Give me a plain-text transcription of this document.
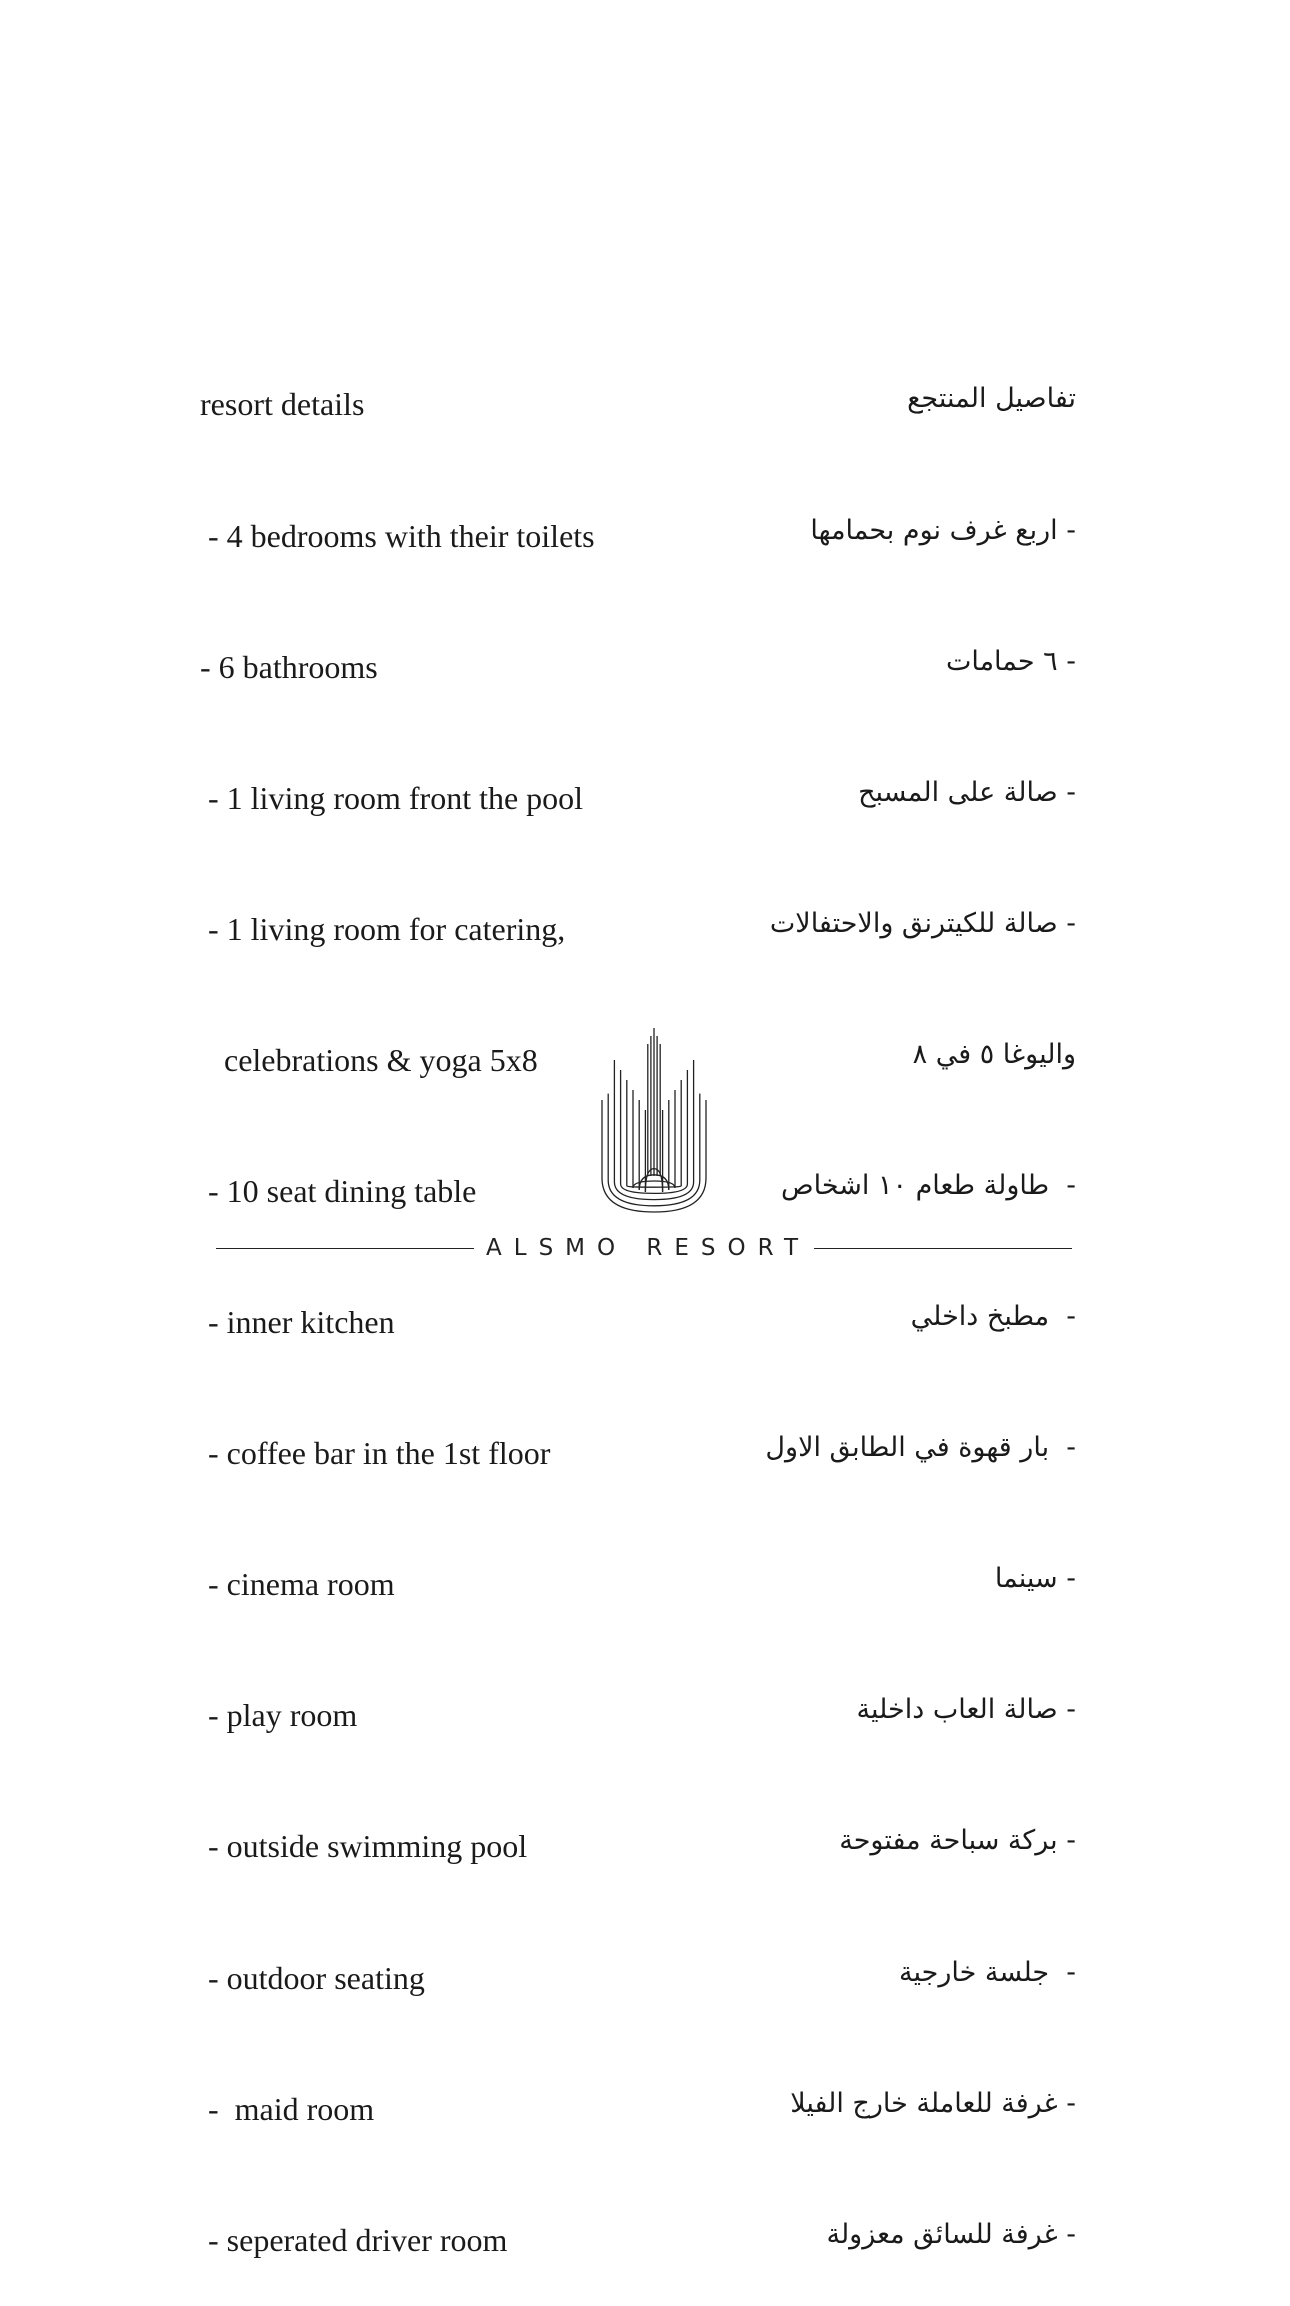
resort details

- 4 bedrooms with their toilets

- 6 bathrooms

- 1 living room front the pool

- 1 living room for catering,

celebrations & yoga 5x8

- 10 seat dining table

- inner kitchen

- coffee bar in the 1st floor

- cinema room

- play room

- outside swimming pool

- outdoor seating

-  maid room

- seperated driver room

تفاصيل المنتجع

- اربع غرف نوم بحمامها

- ٦ حمامات

- صالة على المسبح

- صالة للكيترنق والاحتفالات

واليوغا ٥ في ٨

-  طاولة طعام ١٠ اشخاص

-  مطبخ داخلي

-  بار قهوة في الطابق الاول

- سينما

- صالة العاب داخلية

- بركة سباحة مفتوحة

-  جلسة خارجية

- غرفة للعاملة خارج الفيلا

- غرفة للسائق معزولة

ALSMO RESORT
